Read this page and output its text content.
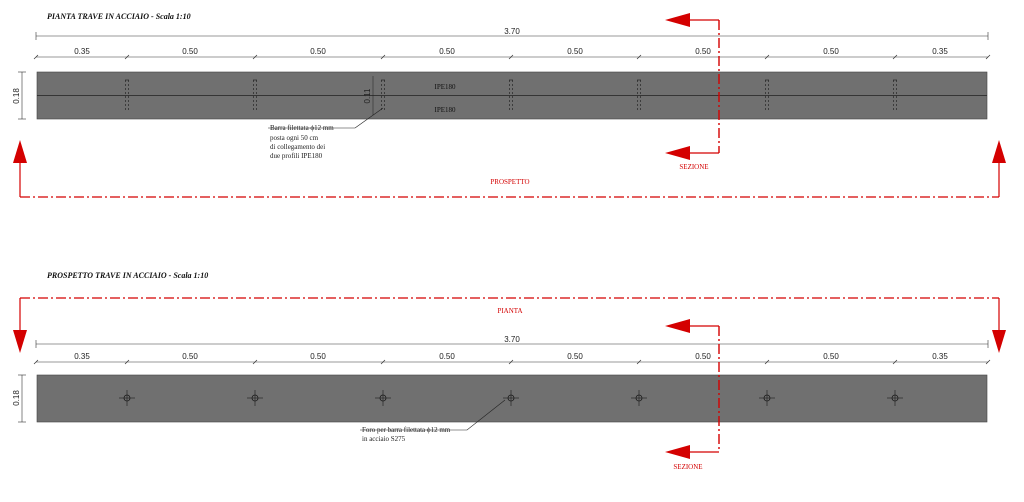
PIANTA TRAVE IN ACCIAIO - Scala 1:10
3.70
0.35	0.50	0.50	0.50	0.50	0.50	0.50	0.35
IPE180
IPE180
0.18	0.11
Barra filettata ϕ12 mm
posta ogni 50 cm
di collegamento dei
due profili IPE180
SEZIONE
PROSPETTO
PROSPETTO TRAVE IN ACCIAIO - Scala 1:10
PIANTA
3.70
0.35	0.50	0.50	0.50	0.50	0.50	0.50	0.35
0.18
Foro per barra filettata ϕ12 mm
in acciaio S275
SEZIONE
